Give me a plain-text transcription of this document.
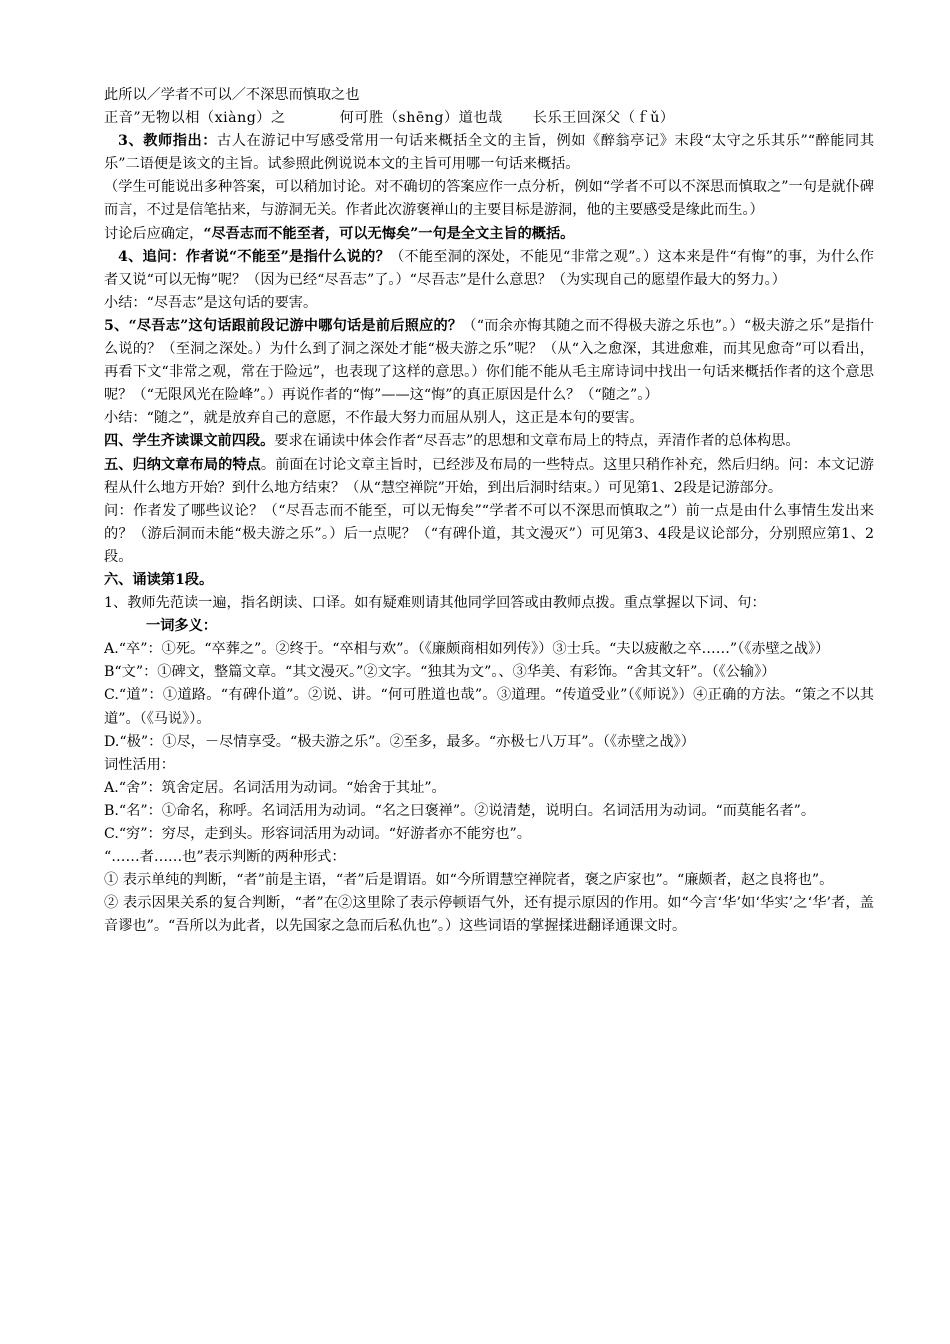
此所以／学者不可以／不深思而慎取之也

正音”无物以相（xiàng）之	何可胜（shēng）道也哉 长乐王回深父（ｆǔ）

3、教师指出：古人在游记中写感受常用一句话来概括全文的主旨，例如《醉翁亭记》末段“太守之乐其乐”“醉能同其乐”二语便是该文的主旨。试参照此例说说本文的主旨可用哪一句话来概括。

（学生可能说出多种答案，可以稍加讨论。对不确切的答案应作一点分析，例如“学者不可以不深思而慎取之”一句是就仆碑而言，不过是信笔拈来，与游洞无关。作者此次游褒禅山的主要目标是游洞，他的主要感受是缘此而生。）

讨论后应确定，“尽吾志而不能至者，可以无悔矣”一句是全文主旨的概括。

4、追问：作者说“不能至”是指什么说的？（不能至洞的深处，不能见“非常之观”。）这本来是件“有悔”的事，为什么作者又说“可以无悔”呢？（因为已经“尽吾志”了。）“尽吾志”是什么意思？（为实现自己的愿望作最大的努力。）

小结：“尽吾志”是这句话的要害。

5、“尽吾志”这句话跟前段记游中哪句话是前后照应的？（“而余亦悔其随之而不得极夫游之乐也”。）“极夫游之乐”是指什么说的？（至洞之深处。）为什么到了洞之深处才能“极夫游之乐”呢？（从“入之愈深，其进愈难，而其见愈奇”可以看出，再看下文“非常之观，常在于险远”，也表现了这样的意思。）你们能不能从毛主席诗词中找出一句话来概括作者的这个意思呢？（“无限风光在险峰”。）再说作者的“悔”——这“悔”的真正原因是什么？（“随之”。）

小结：“随之”，就是放弃自己的意愿，不作最大努力而屈从别人，这正是本句的要害。

四、学生齐读课文前四段。要求在诵读中体会作者“尽吾志”的思想和文章布局上的特点，弄清作者的总体构思。

五、归纳文章布局的特点。前面在讨论文章主旨时，已经涉及布局的一些特点。这里只稍作补充，然后归纳。问：本文记游程从什么地方开始？到什么地方结束？（从“慧空禅院”开始，到出后洞时结束。）可见第1、2段是记游部分。

问：作者发了哪些议论？（“尽吾志而不能至，可以无悔矣”“学者不可以不深思而慎取之”）前一点是由什么事情生发出来的？（游后洞而未能“极夫游之乐”。）后一点呢？（“有碑仆道，其文漫灭”）可见第3、4段是议论部分，分别照应第1、2段。

六、诵读第1段。

1、教师先范读一遍，指名朗读、口译。如有疑难则请其他同学回答或由教师点拨。重点掌握以下词、句：

一词多义：

A.“卒”：①死。“卒葬之”。②终于。“卒相与欢”。（《廉颇商相如列传》）③士兵。“夫以疲敝之卒……”（《赤壁之战》）

B“文”：①碑文，整篇文章。“其文漫灭。”②文字。“独其为文”。、③华美、有彩饰。“舍其文轩”。（《公输》）

C.“道”：①道路。“有碑仆道”。②说、讲。“何可胜道也哉”。③道理。“传道受业”（《师说》）④正确的方法。“策之不以其道”。（《马说》）。

D.“极”：①尽，－尽情享受。“极夫游之乐”。②至多，最多。“亦极七八万耳”。（《赤壁之战》）

词性活用：

A.“舍”：筑舍定居。名词活用为动词。“始舍于其址”。

B.“名”：①命名，称呼。名词活用为动词。“名之曰褒禅”。②说清楚，说明白。名词活用为动词。“而莫能名者”。

C.“穷”：穷尽，走到头。形容词活用为动词。“好游者亦不能穷也”。

“……者……也”表示判断的两种形式：

① 表示单纯的判断，“者”前是主语，“者”后是谓语。如“今所谓慧空禅院者，褒之庐家也”。“廉颇者，赵之良将也”。

② 表示因果关系的复合判断，“者”在②这里除了表示停顿语气外，还有提示原因的作用。如“今言‘华’如‘华实’之‘华’者，盖音谬也”。“吾所以为此者，以先国家之急而后私仇也”。）这些词语的掌握揉进翻译通课文时。
